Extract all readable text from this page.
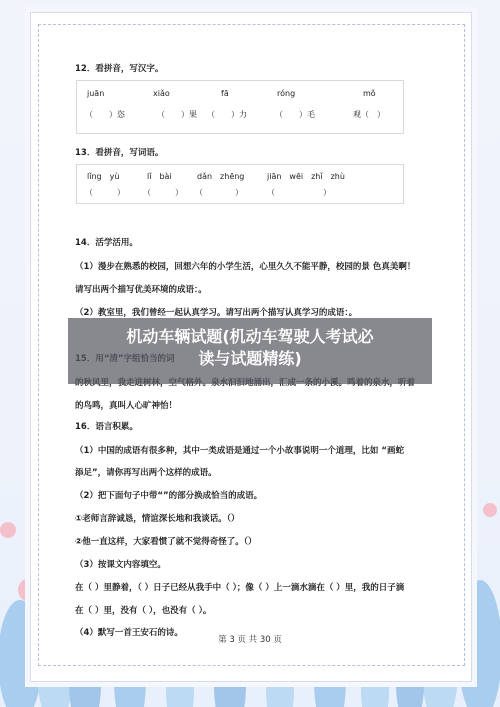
12．看拼音，写汉字。
juān	xiǎo	fā	róng	mǒ
（　　）恣	（　　）果 （　　）力	（　　）毛	观（　）
13．看拼音，写词语。
lǐng　yù	lǐ　bài	dǎn　zhēng	jiān　wēi　zhǐ　zhù
（　　　） （　　　） （　　　　）	（　　　　　　）
14．活学活用。
（1）漫步在熟悉的校园，回想六年的小学生活，心里久久不能平静，校园的景 色真美啊！
请写出两个描写优美环境的成语：。
（2）教室里，我们曾经一起认真学习。请写出两个描写认真学习的成语：。
的鸟鸣，真叫人心旷神怡！
机动车辆试题(机动车驾驶人考试必
读与试题精练)
16．语言积累。
（1）中国的成语有很多种，其中一类成语是通过一个小故事说明一个道理，比如 “画蛇
添足”，请你再写出两个这样的成语。
（2）把下面句子中带“”的部分换成恰当的成语。
①老师言辞诚恳，情谊深长地和我谈话。（）
②他一直这样，大家看惯了就不觉得奇怪了。（）
（3）按课文内容填空。
在（ ）里静着，（ ）日子已经从我手中（ ）；像（ ）上一滴水滴在（ ）里，我的日子滴
在（ ）里，没有（ ），也没有（ ）。
（4）默写一首王安石的诗。
第 3 页 共 30 页
